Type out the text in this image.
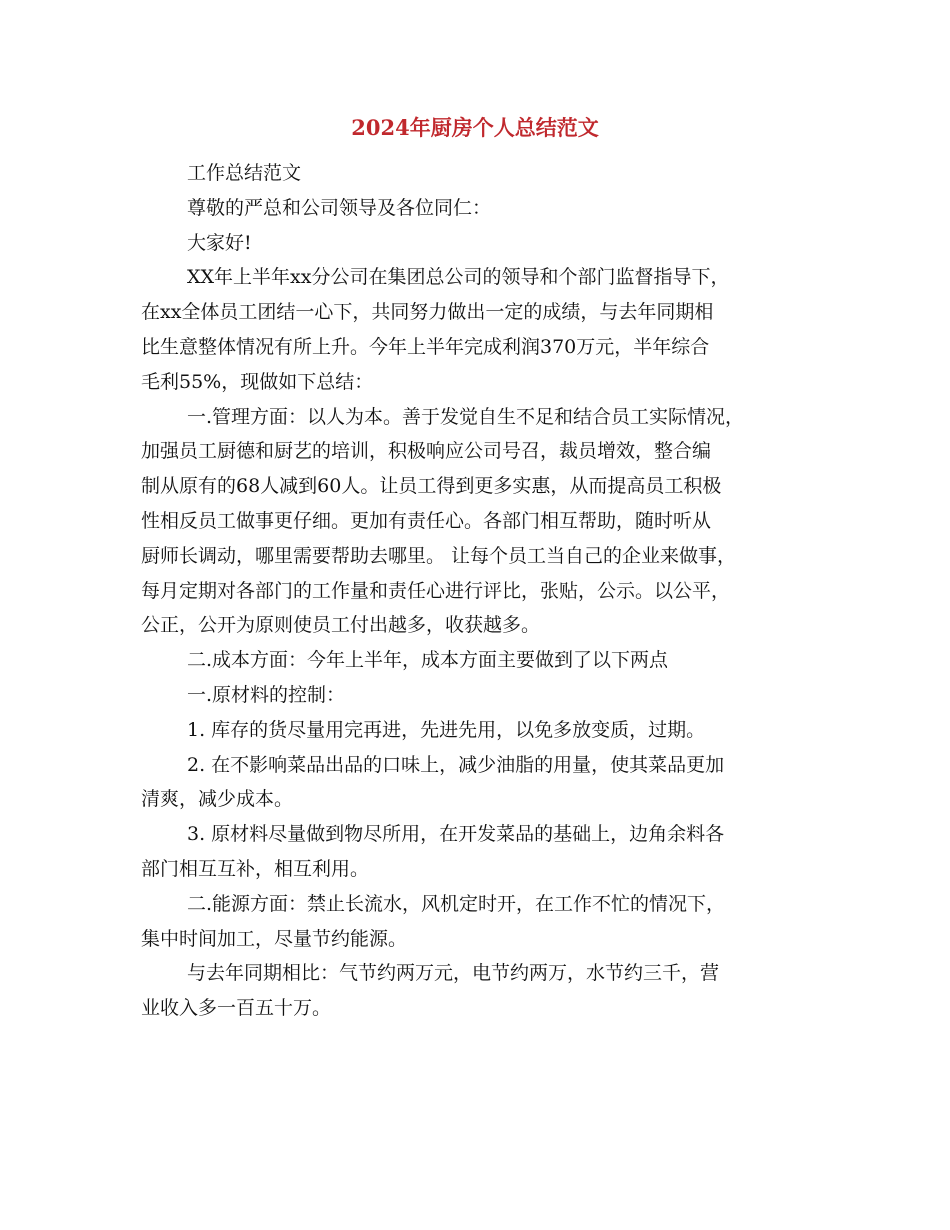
2024年厨房个人总结范文
工作总结范文
尊敬的严总和公司领导及各位同仁：
大家好!
XX年上半年xx分公司在集团总公司的领导和个部门监督指导下，
在xx全体员工团结一心下，共同努力做出一定的成绩，与去年同期相
比生意整体情况有所上升。今年上半年完成利润370万元，半年综合
毛利55%，现做如下总结：
一.管理方面：以人为本。善于发觉自生不足和结合员工实际情况，
加强员工厨德和厨艺的培训，积极响应公司号召，裁员增效，整合编
制从原有的68人减到60人。让员工得到更多实惠，从而提高员工积极
性相反员工做事更仔细。更加有责任心。各部门相互帮助，随时听从
厨师长调动，哪里需要帮助去哪里。 让每个员工当自己的企业来做事，
每月定期对各部门的工作量和责任心进行评比，张贴，公示。以公平，
公正，公开为原则使员工付出越多，收获越多。
二.成本方面：今年上半年，成本方面主要做到了以下两点
一.原材料的控制：
1. 库存的货尽量用完再进，先进先用，以免多放变质，过期。
2. 在不影响菜品出品的口味上，减少油脂的用量，使其菜品更加
清爽，减少成本。
3. 原材料尽量做到物尽所用，在开发菜品的基础上，边角余料各
部门相互互补，相互利用。
二.能源方面：禁止长流水，风机定时开，在工作不忙的情况下，
集中时间加工，尽量节约能源。
与去年同期相比：气节约两万元，电节约两万，水节约三千，营
业收入多一百五十万。
